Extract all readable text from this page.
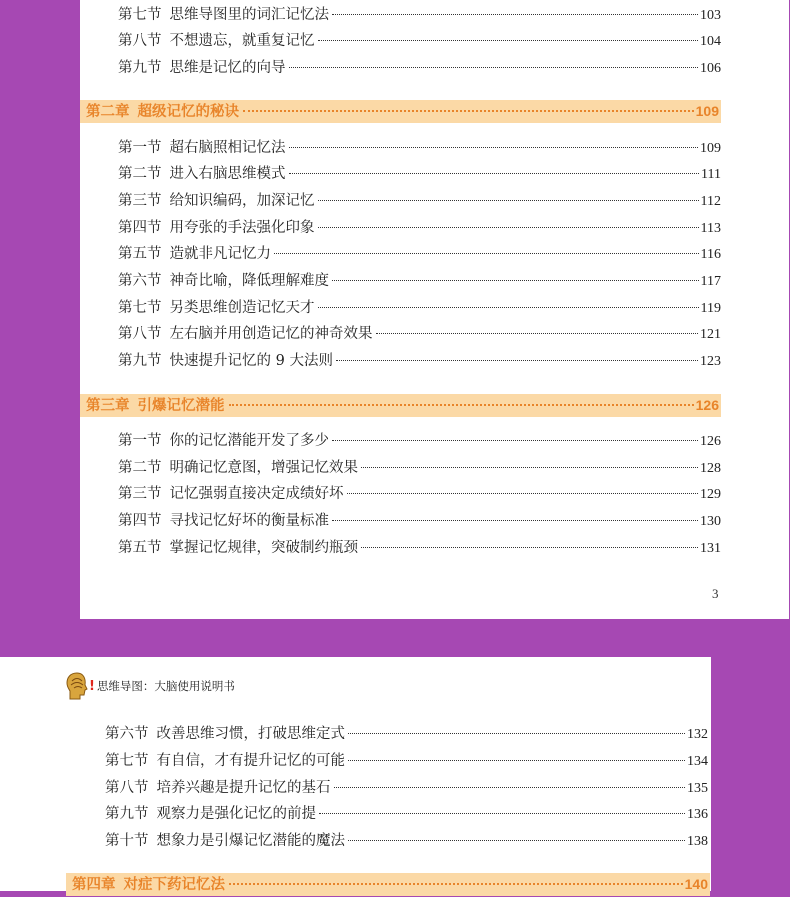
第七节 思维导图里的词汇记忆法	103
第八节 不想遗忘，就重复记忆	104
第九节 思维是记忆的向导	106
第二章 超级记忆的秘诀	109
第一节 超右脑照相记忆法	109
第二节 进入右脑思维模式	111
第三节 给知识编码，加深记忆	112
第四节 用夸张的手法强化印象	113
第五节 造就非凡记忆力	116
第六节 神奇比喻，降低理解难度	117
第七节 另类思维创造记忆天才	119
第八节 左右脑并用创造记忆的神奇效果	121
第九节 快速提升记忆的 9 大法则	123
第三章 引爆记忆潜能	126
第一节 你的记忆潜能开发了多少	126
第二节 明确记忆意图，增强记忆效果	128
第三节 记忆强弱直接决定成绩好坏	129
第四节 寻找记忆好坏的衡量标准	130
第五节 掌握记忆规律，突破制约瓶颈	131
3
! 思维导图：大脑使用说明书
第六节 改善思维习惯，打破思维定式	132
第七节 有自信，才有提升记忆的可能	134
第八节 培养兴趣是提升记忆的基石	135
第九节 观察力是强化记忆的前提	136
第十节 想象力是引爆记忆潜能的魔法	138
第四章 对症下药记忆法	140
